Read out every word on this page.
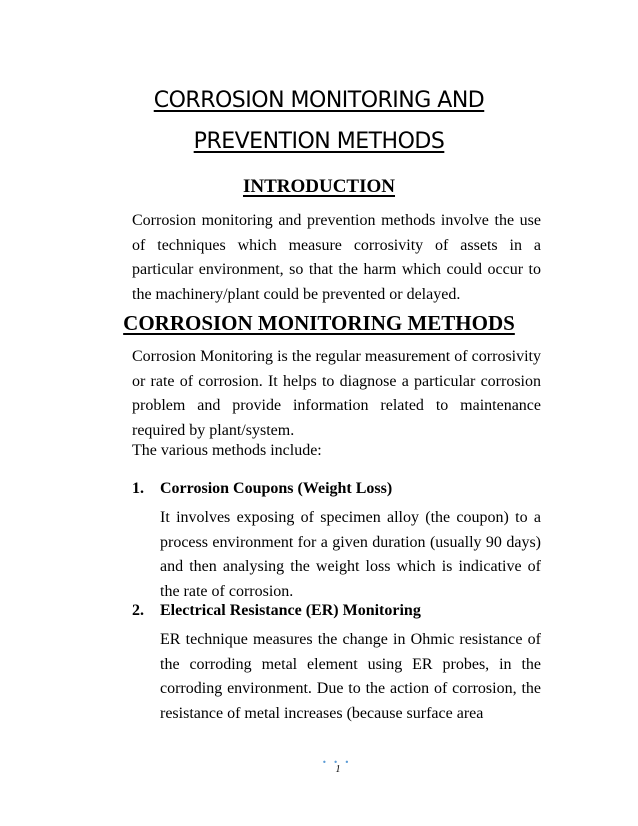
CORROSION MONITORING AND
PREVENTION METHODS
INTRODUCTION

Corrosion monitoring and prevention methods involve the use of techniques which measure corrosivity of assets in a particular environment, so that the harm which could occur to the machinery/plant could be prevented or delayed.

CORROSION MONITORING METHODS

Corrosion Monitoring is the regular measurement of corrosivity or rate of corrosion. It helps to diagnose a particular corrosion problem and provide information related to maintenance required by plant/system.

The various methods include:

1. Corrosion Coupons (Weight Loss)

It involves exposing of specimen alloy (the coupon) to a process environment for a given duration (usually 90 days) and then analysing the weight loss which is indicative of the rate of corrosion.

2. Electrical Resistance (ER) Monitoring

ER technique measures the change in Ohmic resistance of the corroding metal element using ER probes, in the corroding environment. Due to the action of corrosion, the resistance of metal increases (because surface area

• • •

1
